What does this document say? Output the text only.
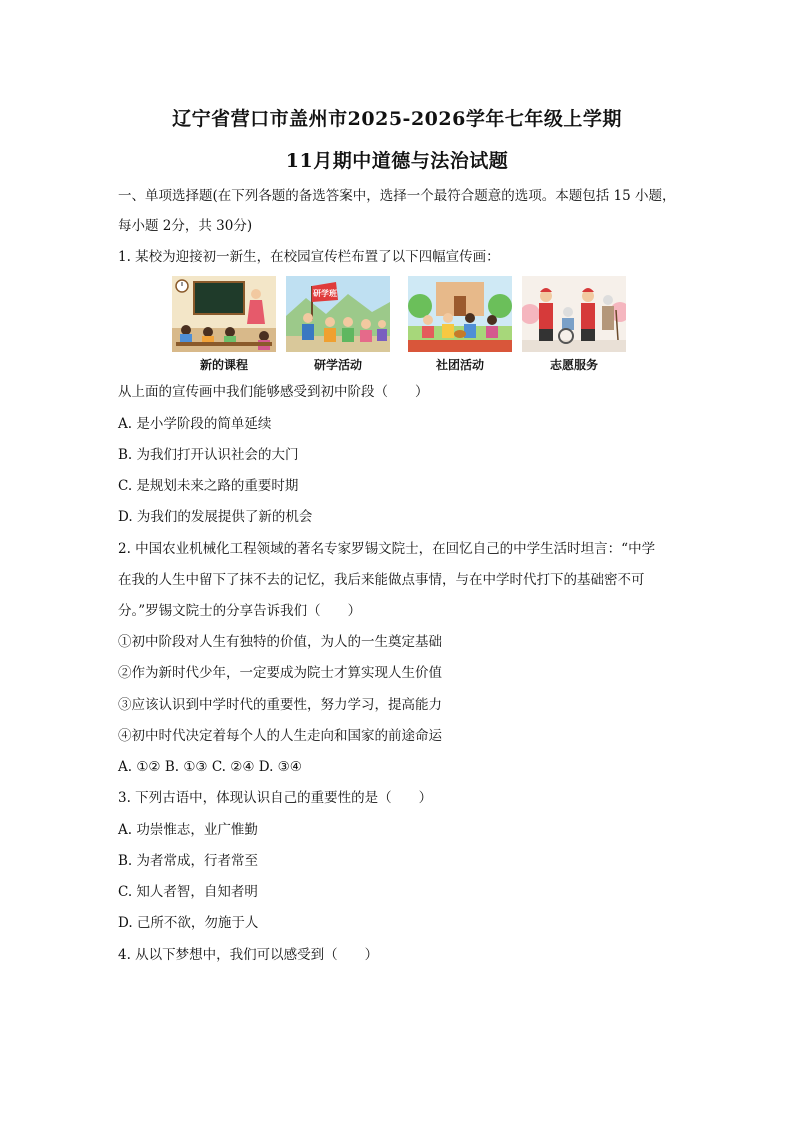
辽宁省营口市盖州市2025-2026学年七年级上学期
11月期中道德与法治试题
一、单项选择题(在下列各题的备选答案中，选择一个最符合题意的选项。本题包括 15 小题，
每小题 2分，共 30分)
1. 某校为迎接初一新生，在校园宣传栏布置了以下四幅宣传画：
新的课程
研学班
研学活动	社团活动	志愿服务
从上面的宣传画中我们能够感受到初中阶段（　　）
A. 是小学阶段的简单延续
B. 为我们打开认识社会的大门
C. 是规划未来之路的重要时期
D. 为我们的发展提供了新的机会
2. 中国农业机械化工程领域的著名专家罗锡文院士，在回忆自己的中学生活时坦言：“中学
在我的人生中留下了抹不去的记忆，我后来能做点事情，与在中学时代打下的基础密不可
分。”罗锡文院士的分享告诉我们（　　）
①初中阶段对人生有独特的价值，为人的一生奠定基础
②作为新时代少年，一定要成为院士才算实现人生价值
③应该认识到中学时代的重要性，努力学习，提高能力
④初中时代决定着每个人的人生走向和国家的前途命运
A. ①② B. ①③ C. ②④ D. ③④
3. 下列古语中，体现认识自己的重要性的是（　　）
A. 功崇惟志，业广惟勤
B. 为者常成，行者常至
C. 知人者智，自知者明
D. 己所不欲，勿施于人
4. 从以下梦想中，我们可以感受到（　　）
